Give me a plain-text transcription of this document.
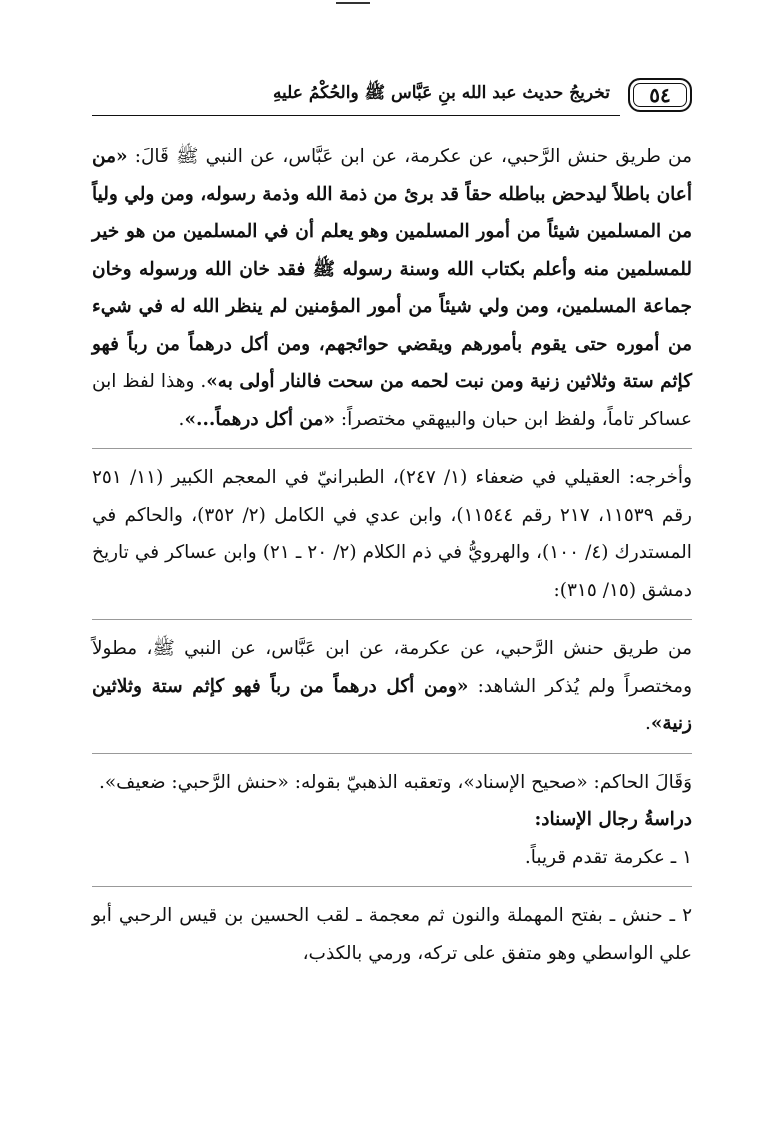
٥٤
تخريجُ حديث عبد الله بنِ عَبَّاس ﷺ والحُكْمُ عليهِ

من طريق حنش الرَّحبي، عن عكرمة، عن ابن عَبَّاس، عن النبي ﷺ قَالَ: «من أعان باطلاً ليدحض بباطله حقاً قد برئ من ذمة الله وذمة رسوله، ومن ولي ولياً من المسلمين شيئاً من أمور المسلمين وهو يعلم أن في المسلمين من هو خير للمسلمين منه وأعلم بكتاب الله وسنة رسوله ﷺ فقد خان الله ورسوله وخان جماعة المسلمين، ومن ولي شيئاً من أمور المؤمنين لم ينظر الله له في شيء من أموره حتى يقوم بأمورهم ويقضي حوائجهم، ومن أكل درهماً من رباً فهو كإثم ستة وثلاثين زنية ومن نبت لحمه من سحت فالنار أولى به». وهذا لفظ ابن عساكر تاماً، ولفظ ابن حبان والبيهقي مختصراً: «من أكل درهماً...».

وأخرجه: العقيلي في ضعفاء (١/ ٢٤٧)، الطبرانيّ في المعجم الكبير (١١/ ٢٥١ رقم ١١٥٣٩، ٢١٧ رقم ١١٥٤٤)، وابن عدي في الكامل (٢/ ٣٥٢)، والحاكم في المستدرك (٤/ ١٠٠)، والهرويُّ في ذم الكلام (٢/ ٢٠ ـ ٢١) وابن عساكر في تاريخ دمشق (١٥/ ٣١٥):

من طريق حنش الرَّحبي، عن عكرمة، عن ابن عَبَّاس، عن النبي ﷺ، مطولاً ومختصراً ولم يُذكر الشاهد: «ومن أكل درهماً من رباً فهو كإثم ستة وثلاثين زنية».

وَقَالَ الحاكم: «صحيح الإسناد»، وتعقبه الذهبيّ بقوله: «حنش الرَّحبي: ضعيف».

دراسةُ رجال الإسناد:

١ ـ عكرمة تقدم قريباً.

٢ ـ حنش ـ بفتح المهملة والنون ثم معجمة ـ لقب الحسين بن قيس الرحبي أبو علي الواسطي وهو متفق على تركه، ورمي بالكذب،
